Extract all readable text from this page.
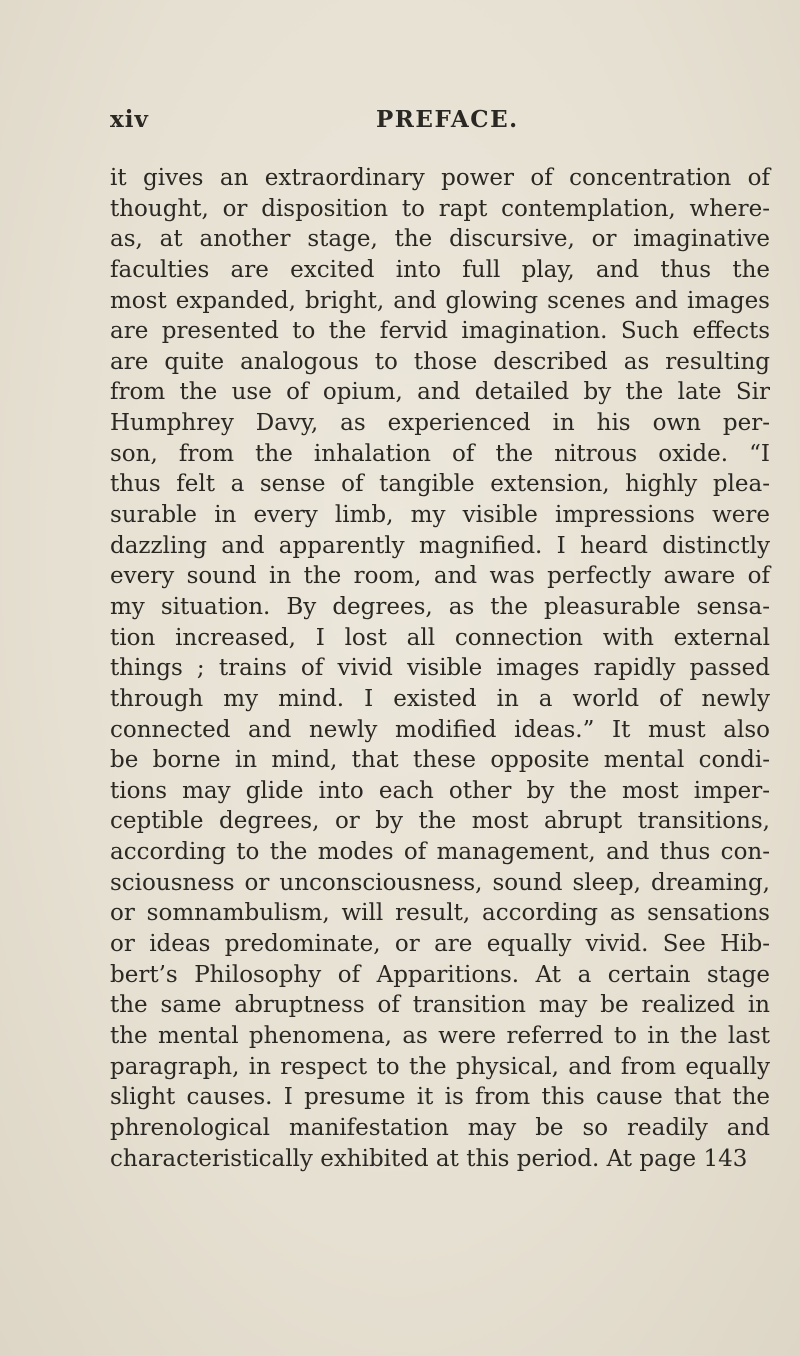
xiv	PREFACE.
it gives an extraordinary power of concentration of
thought, or disposition to rapt contemplation, where-
as, at another stage, the discursive, or imaginative
faculties are excited into full play, and thus the
most expanded, bright, and glowing scenes and images
are presented to the fervid imagination. Such effects
are quite analogous to those described as resulting
from the use of opium, and detailed by the late Sir
Humphrey Davy, as experienced in his own per-
son, from the inhalation of the nitrous oxide. “I
thus felt a sense of tangible extension, highly plea-
surable in every limb, my visible impressions were
dazzling and apparently magnified. I heard distinctly
every sound in the room, and was perfectly aware of
my situation. By degrees, as the pleasurable sensa-
tion increased, I lost all connection with external
things ; trains of vivid visible images rapidly passed
through my mind. I existed in a world of newly
connected and newly modified ideas.” It must also
be borne in mind, that these opposite mental condi-
tions may glide into each other by the most imper-
ceptible degrees, or by the most abrupt transitions,
according to the modes of management, and thus con-
sciousness or unconsciousness, sound sleep, dreaming,
or somnambulism, will result, according as sensations
or ideas predominate, or are equally vivid. See Hib-
bert’s Philosophy of Apparitions. At a certain stage
the same abruptness of transition may be realized in
the mental phenomena, as were referred to in the last
paragraph, in respect to the physical, and from equally
slight causes. I presume it is from this cause that the
phrenological manifestation may be so readily and
characteristically exhibited at this period. At page 143
